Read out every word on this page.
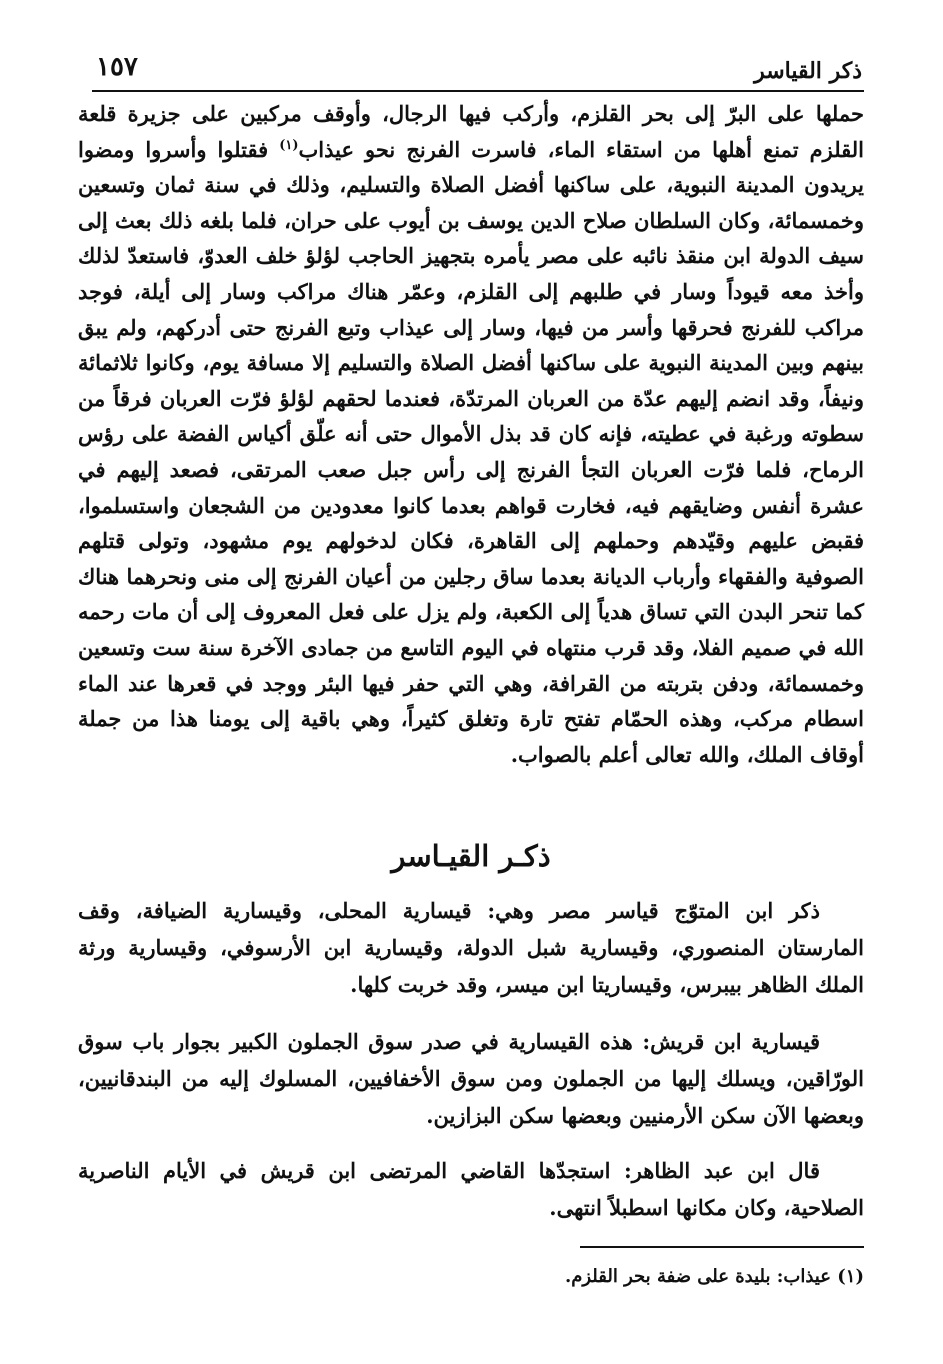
ذكر القياسر
١٥٧
حملها على البرّ إلى بحر القلزم، وأركب فيها الرجال، وأوقف مركبين على جزيرة قلعة القلزم تمنع أهلها من استقاء الماء، فاسرت الفرنج نحو عيذاب$^{(١)}$ فقتلوا وأسروا ومضوا يريدون المدينة النبوية، على ساكنها أفضل الصلاة والتسليم، وذلك في سنة ثمان وتسعين وخمسمائة، وكان السلطان صلاح الدين يوسف بن أيوب على حران، فلما بلغه ذلك بعث إلى سيف الدولة ابن منقذ نائبه على مصر يأمره بتجهيز الحاجب لؤلؤ خلف العدوّ، فاستعدّ لذلك وأخذ معه قيوداً وسار في طلبهم إلى القلزم، وعمّر هناك مراكب وسار إلى أيلة، فوجد مراكب للفرنج فحرقها وأسر من فيها، وسار إلى عيذاب وتبع الفرنج حتى أدركهم، ولم يبق بينهم وبين المدينة النبوية على ساكنها أفضل الصلاة والتسليم إلا مسافة يوم، وكانوا ثلاثمائة ونيفاً، وقد انضم إليهم عدّة من العربان المرتدّة، فعندما لحقهم لؤلؤ فرّت العربان فرقاً من سطوته ورغبة في عطيته، فإنه كان قد بذل الأموال حتى أنه علّق أكياس الفضة على رؤس الرماح، فلما فرّت العربان التجأ الفرنج إلى رأس جبل صعب المرتقى، فصعد إليهم في عشرة أنفس وضايقهم فيه، فخارت قواهم بعدما كانوا معدودين من الشجعان واستسلموا، فقبض عليهم وقيّدهم وحملهم إلى القاهرة، فكان لدخولهم يوم مشهود، وتولى قتلهم الصوفية والفقهاء وأرباب الديانة بعدما ساق رجلين من أعيان الفرنج إلى منى ونحرهما هناك كما تنحر البدن التي تساق هدياً إلى الكعبة، ولم يزل على فعل المعروف إلى أن مات رحمه الله في صميم الفلا، وقد قرب منتهاه في اليوم التاسع من جمادى الآخرة سنة ست وتسعين وخمسمائة، ودفن بتربته من القرافة، وهي التي حفر فيها البئر ووجد في قعرها عند الماء اسطام مركب، وهذه الحمّام تفتح تارة وتغلق كثيراً، وهي باقية إلى يومنا هذا من جملة أوقاف الملك، والله تعالى أعلم بالصواب.
ذكـر القيـاسر
ذكر ابن المتوّج قياسر مصر وهي: قيسارية المحلى، وقيسارية الضيافة، وقف المارستان المنصوري، وقيسارية شبل الدولة، وقيسارية ابن الأرسوفي، وقيسارية ورثة الملك الظاهر بيبرس، وقيساريتا ابن ميسر، وقد خربت كلها.
قيسارية ابن قريش: هذه القيسارية في صدر سوق الجملون الكبير بجوار باب سوق الورّاقين، ويسلك إليها من الجملون ومن سوق الأخفافيين، المسلوك إليه من البندقانيين، وبعضها الآن سكن الأرمنيين وبعضها سكن البزازين.
قال ابن عبد الظاهر: استجدّها القاضي المرتضى ابن قريش في الأيام الناصرية الصلاحية، وكان مكانها اسطبلاً انتهى.
(١) عيذاب: بليدة على ضفة بحر القلزم.
